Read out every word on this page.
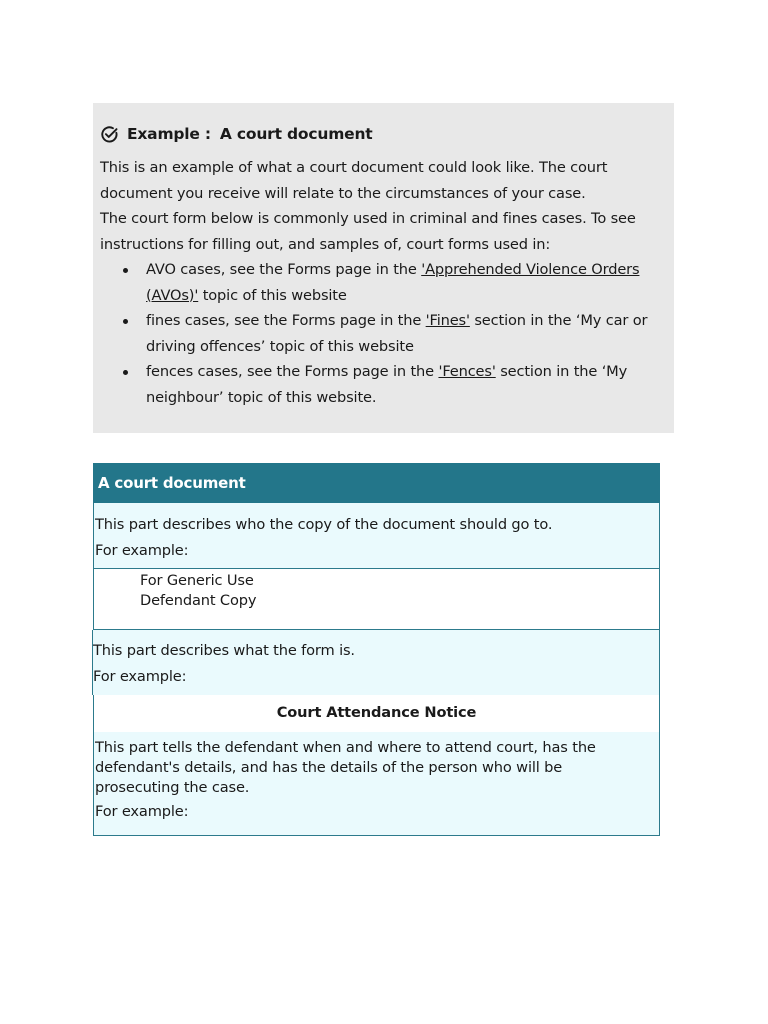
Example : A court document

This is an example of what a court document could look like. The court document you receive will relate to the circumstances of your case.

The court form below is commonly used in criminal and fines cases. To see instructions for filling out, and samples of, court forms used in:

AVO cases, see the Forms page in the 'Apprehended Violence Orders (AVOs)' topic of this website
fines cases, see the Forms page in the 'Fines' section in the ‘My car or driving offences’ topic of this website
fences cases, see the Forms page in the 'Fences' section in the ‘My neighbour’ topic of this website.
A court document

This part describes who the copy of the document should go to.

For example:

For Generic Use
Defendant Copy

This part describes what the form is.

For example:

Court Attendance Notice

This part tells the defendant when and where to attend court, has the defendant's details, and has the details of the person who will be prosecuting the case.

For example:
